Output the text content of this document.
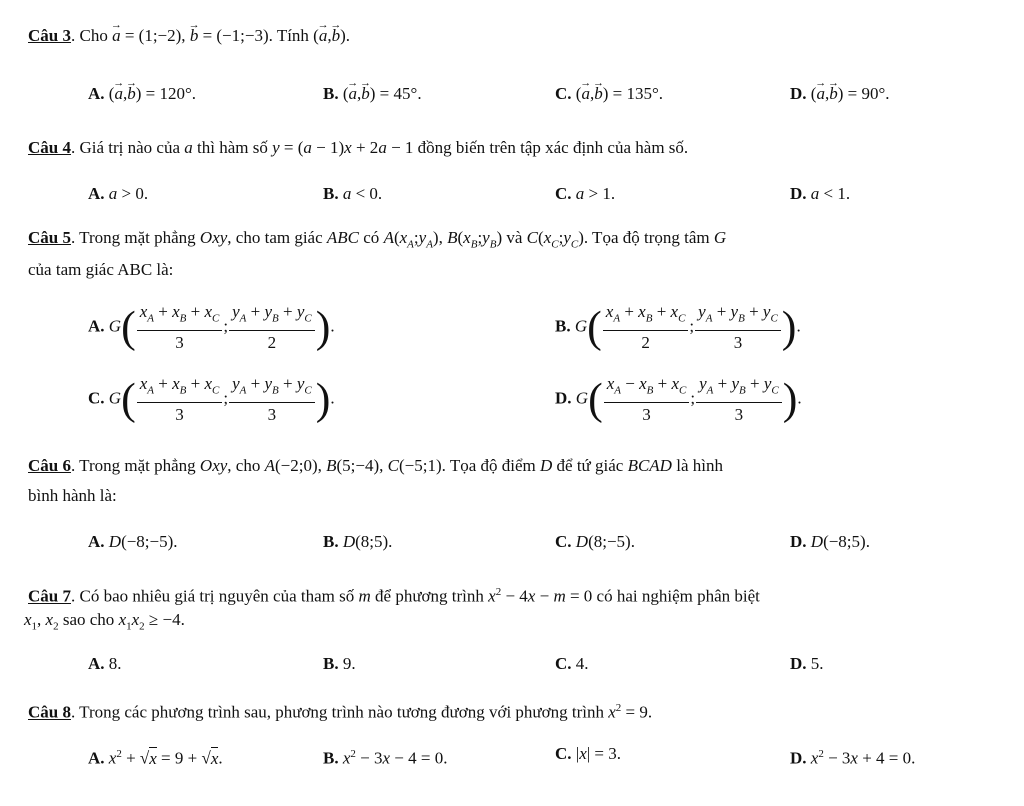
Câu 3. Cho → a = (1;−2), → b = (−1;−3). Tính (→ a,→ b).
A. (→ a,→ b) = 120°.	B. (→ a,→ b) = 45°.	C. (→ a,→ b) = 135°.	D. (→ a,→ b) = 90°.
Câu 4. Giá trị nào của a thì hàm số y = (a − 1)x + 2a − 1 đồng biến trên tập xác định của hàm số.
A. a > 0.	B. a < 0.	C. a > 1.	D. a < 1.
Câu 5. Trong mặt phẳng Oxy, cho tam giác ABC có $A(x_A;y_A)$, $B(x_B;y_B)$ và $C(x_C;y_C)$. Tọa độ trọng tâm G
của tam giác ABC là:
A. $G( \frac{x_A + x_B + x_C}{3}$ ; $\frac{y_A + y_B + y_C}{2}$ ).	B. $G( \frac{x_A + x_B + x_C}{2}$ ; $\frac{y_A + y_B + y_C}{3}$ ).
C. $G( \frac{x_A + x_B + x_C}{3}$ ; $\frac{y_A + y_B + y_C}{3}$ ).	D. $G( \frac{x_A - x_B + x_C}{3}$ ; $\frac{y_A + y_B + y_C}{3}$ ).
Câu 6. Trong mặt phẳng Oxy, cho A(−2;0), B(5;−4), C(−5;1). Tọa độ điểm D để tứ giác BCAD là hình
bình hành là:
A. D(−8;−5).	B. D(8;5).	C. D(8;−5).	D. D(−8;5).
Câu 7. Có bao nhiêu giá trị nguyên của tham số m để phương trình $x^2 - 4x - m = 0$ có hai nghiệm phân biệt
$x_1$, $x_2$ sao cho $x_1x_2 \ge -4$.
A. 8.	B. 9.	C. 4.	D. 5.
Câu 8. Trong các phương trình sau, phương trình nào tương đương với phương trình $x^2 = 9$.
A. $x^2 + √x = 9 + √x$.	B. $x^2 - 3x - 4 = 0$.	C. |x| = 3.	D. $x^2 - 3x + 4 = 0$.
